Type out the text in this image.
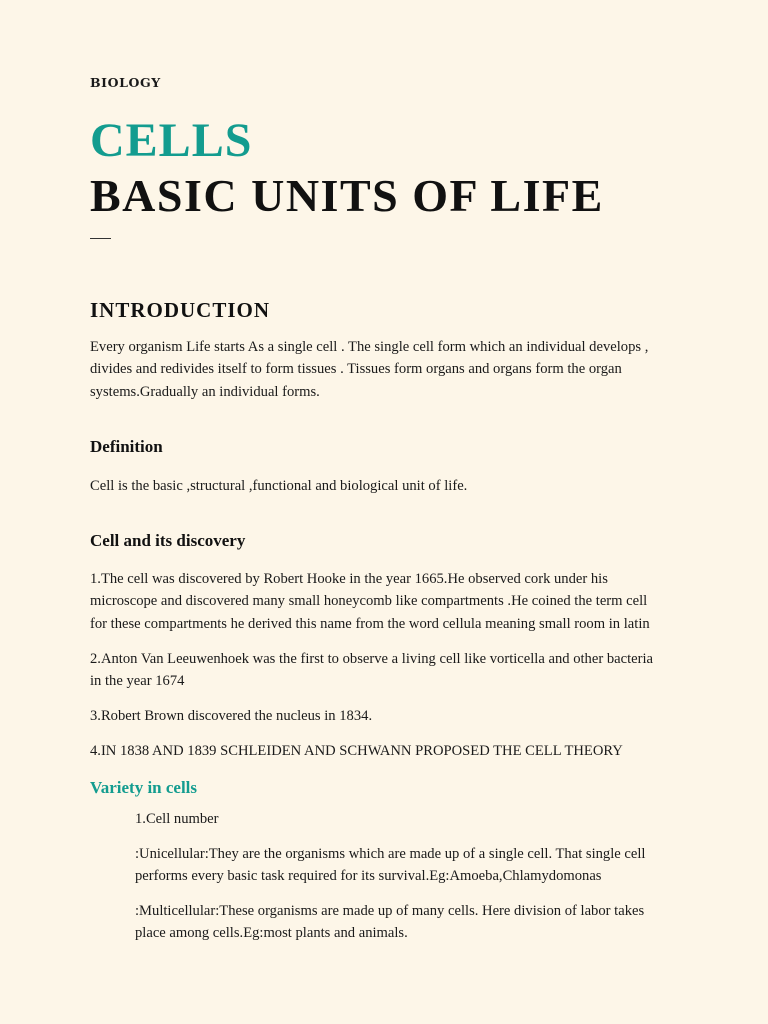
BIOLOGY
CELLS
BASIC UNITS OF LIFE
INTRODUCTION
Every organism Life starts As a single cell . The single cell form which an individual develops ,
divides and redivides itself to form tissues . Tissues form organs and organs form the organ
systems.Gradually an individual forms.
Definition
Cell is the basic ,structural ,functional and biological unit of life.
Cell and its discovery
1.The cell was discovered by Robert Hooke in the year 1665.He observed cork under his
microscope and discovered many small honeycomb like compartments .He coined the term cell
for these compartments he derived this name from the word cellula meaning small room in latin
2.Anton Van Leeuwenhoek was the first to observe a living cell like vorticella and other bacteria
in the year 1674
3.Robert Brown discovered the nucleus in 1834.
4.IN 1838 AND 1839 SCHLEIDEN AND SCHWANN PROPOSED THE CELL THEORY
Variety in cells
1.Cell number
:Unicellular:They are the organisms which are made up of a single cell. That single cell
performs every basic task required for its survival.Eg:Amoeba,Chlamydomonas
:Multicellular:These organisms are made up of many cells. Here division of labor takes
place among cells.Eg:most plants and animals.
